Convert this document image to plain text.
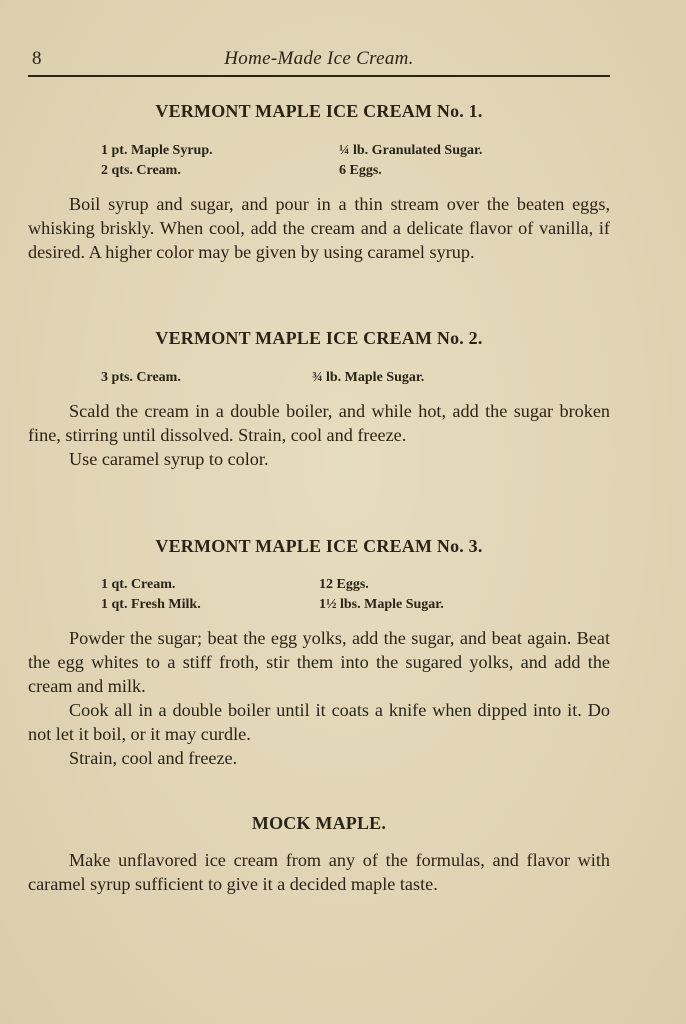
8	Home-Made Ice Cream.
VERMONT MAPLE ICE CREAM No. 1.
1 pt. Maple Syrup.	¼ lb. Granulated Sugar.
2 qts. Cream.	6 Eggs.

Boil syrup and sugar, and pour in a thin stream over the beaten eggs, whisking briskly. When cool, add the cream and a delicate flavor of vanilla, if desired. A higher color may be given by using caramel syrup.

VERMONT MAPLE ICE CREAM No. 2.
3 pts. Cream.	¾ lb. Maple Sugar.

Scald the cream in a double boiler, and while hot, add the sugar broken fine, stirring until dissolved. Strain, cool and freeze.

Use caramel syrup to color.

VERMONT MAPLE ICE CREAM No. 3.
1 qt. Cream.	12 Eggs.
1 qt. Fresh Milk.	1½ lbs. Maple Sugar.

Powder the sugar; beat the egg yolks, add the sugar, and beat again. Beat the egg whites to a stiff froth, stir them into the sugared yolks, and add the cream and milk.

Cook all in a double boiler until it coats a knife when dipped into it. Do not let it boil, or it may curdle.

Strain, cool and freeze.

MOCK MAPLE.

Make unflavored ice cream from any of the formulas, and flavor with caramel syrup sufficient to give it a decided maple taste.
